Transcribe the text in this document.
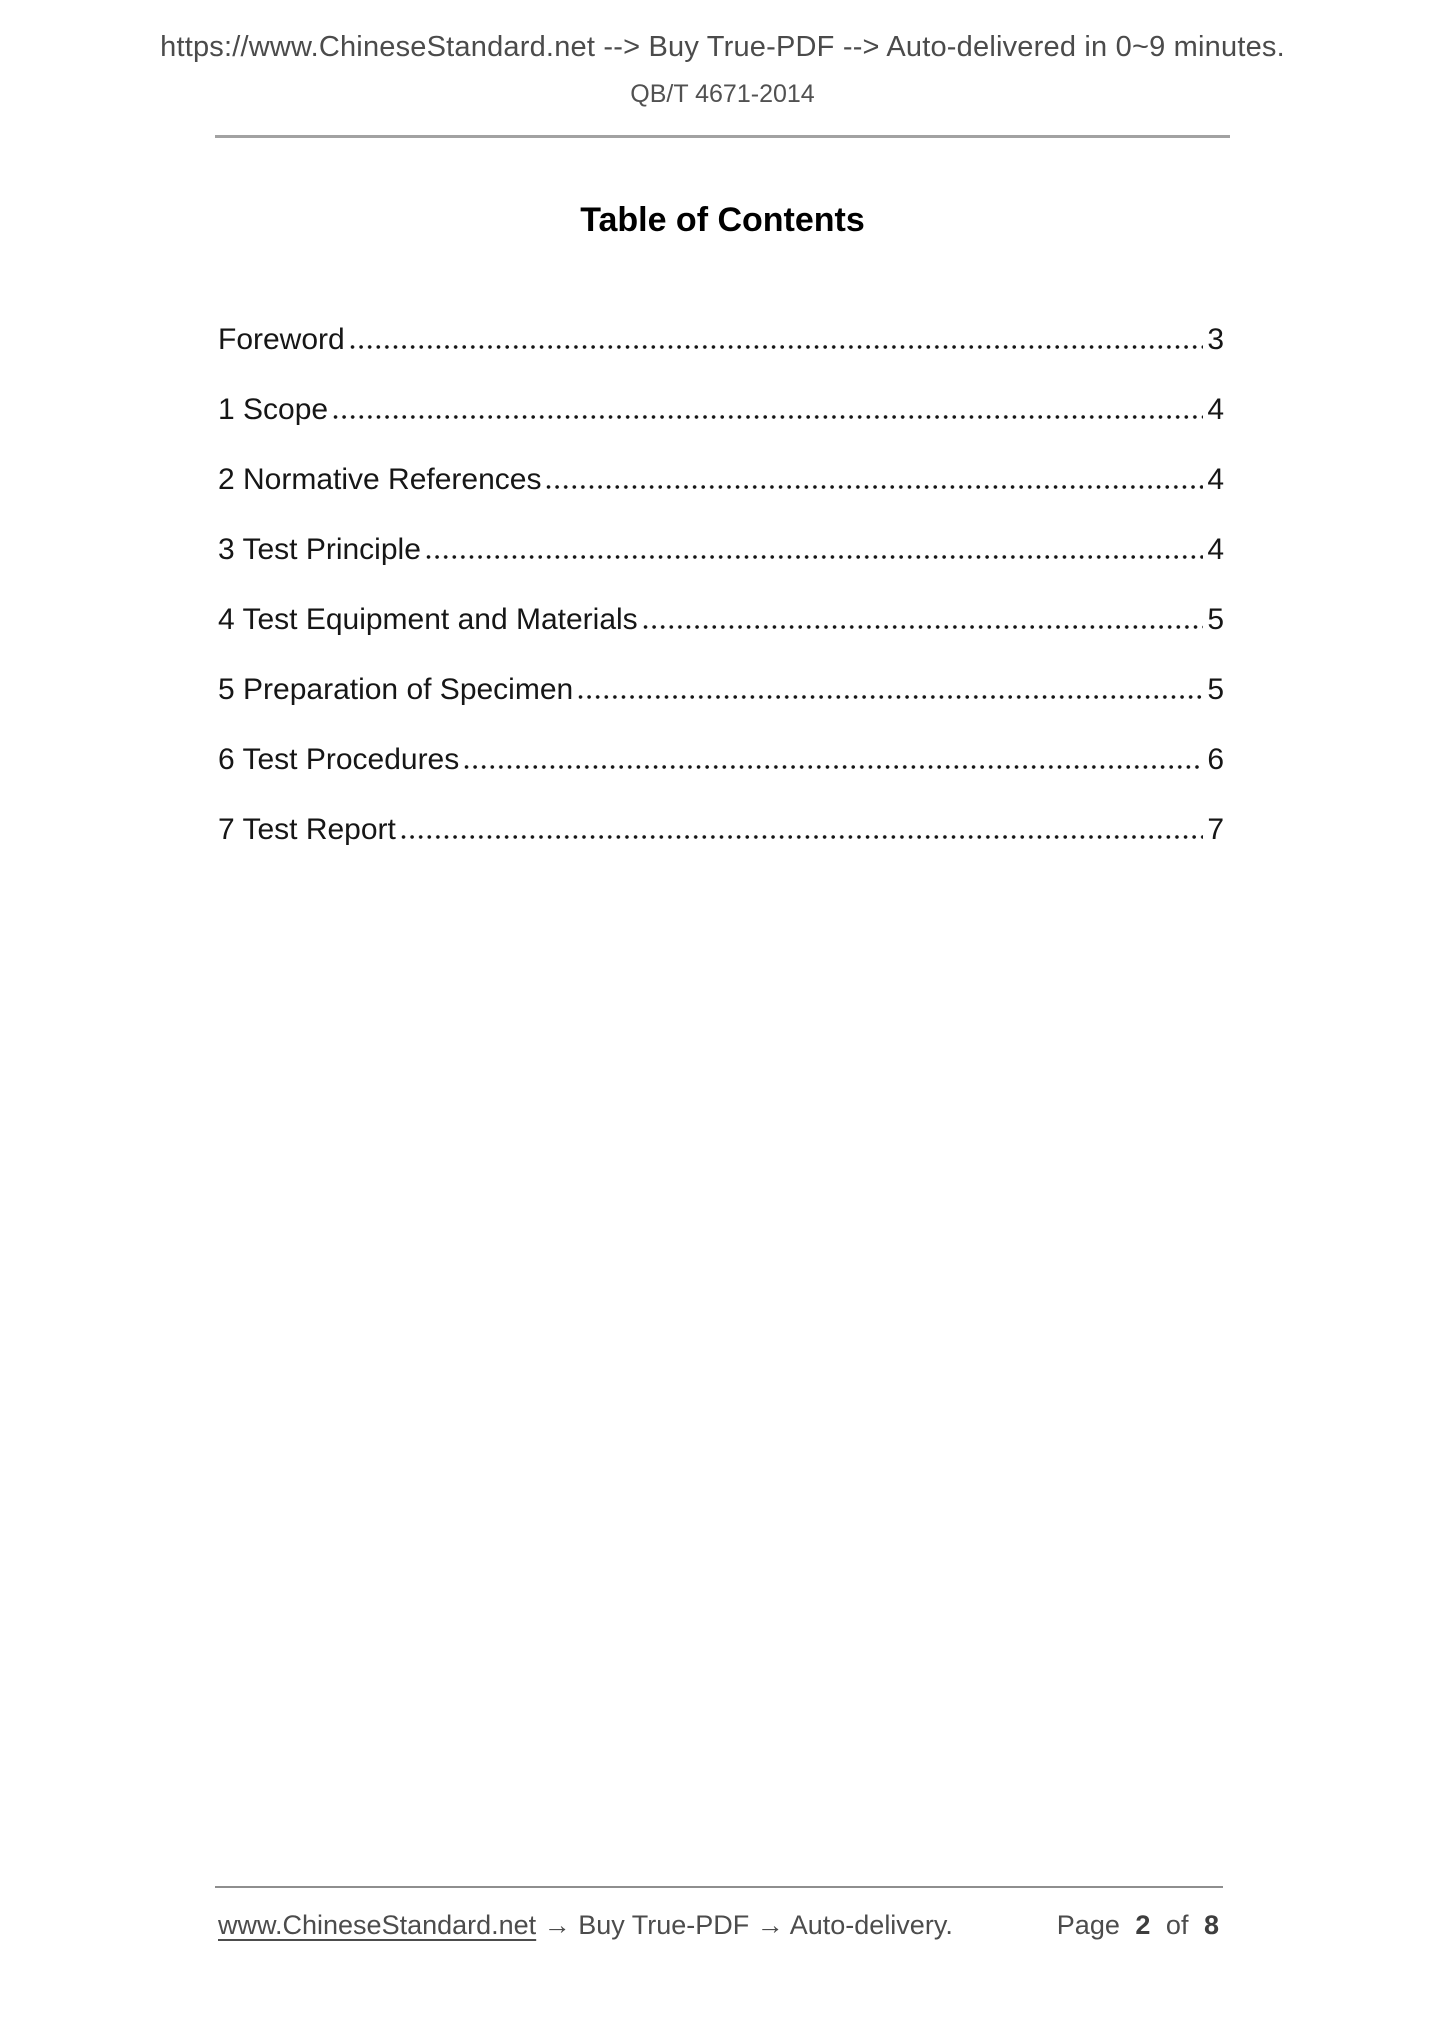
https://www.ChineseStandard.net --> Buy True-PDF --> Auto-delivered in 0~9 minutes.
QB/T 4671-2014
Table of Contents
Foreword	3
1 Scope	4
2 Normative References	4
3 Test Principle	4
4 Test Equipment and Materials	5
5 Preparation of Specimen	5
6 Test Procedures	6
7 Test Report	7
www.ChineseStandard.net → Buy True-PDF → Auto-delivery.	Page 2 of 8
